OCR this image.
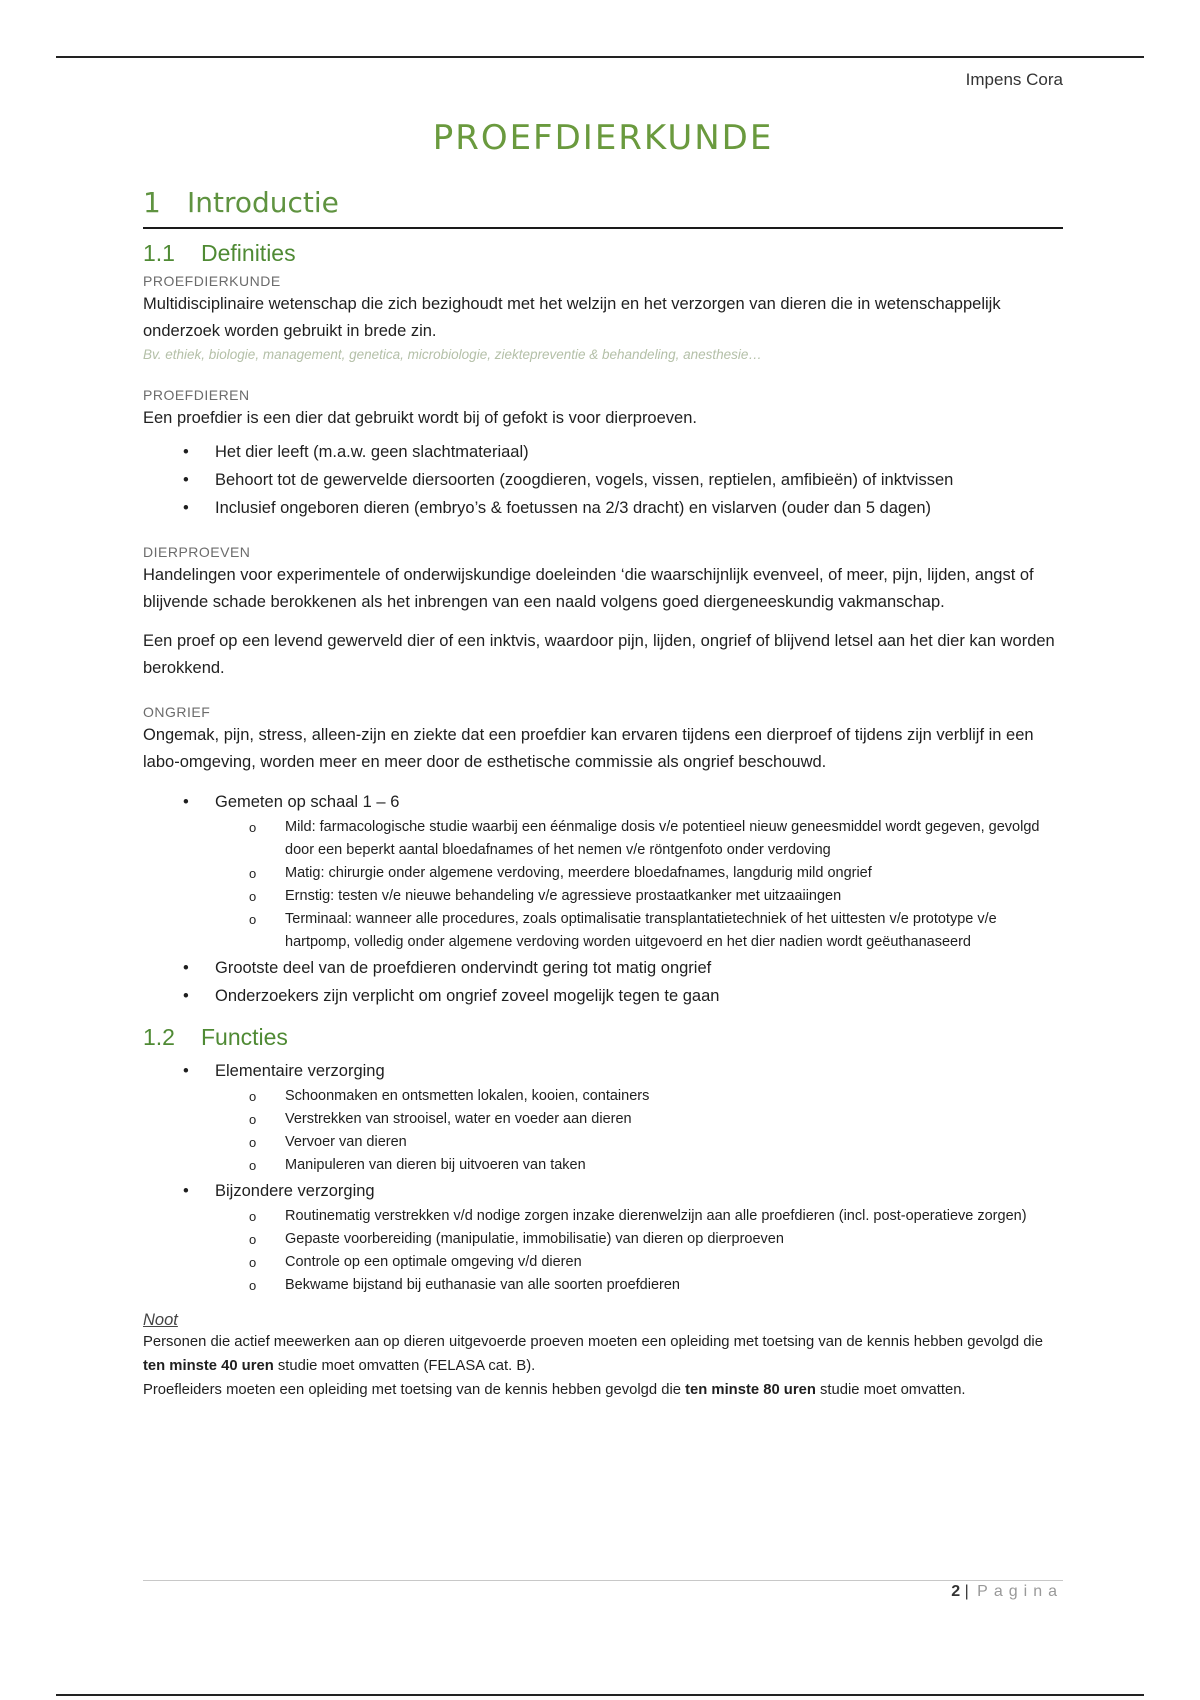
Impens Cora
PROEFDIERKUNDE
1 Introductie
1.1 Definities
PROEFDIERKUNDE

Multidisciplinaire wetenschap die zich bezighoudt met het welzijn en het verzorgen van dieren die in wetenschappelijk onderzoek worden gebruikt in brede zin.

Bv. ethiek, biologie, management, genetica, microbiologie, ziektepreventie & behandeling, anesthesie…
PROEFDIEREN

Een proefdier is een dier dat gebruikt wordt bij of gefokt is voor dierproeven.

• Het dier leeft (m.a.w. geen slachtmateriaal)
• Behoort tot de gewervelde diersoorten (zoogdieren, vogels, vissen, reptielen, amfibieën) of inktvissen
• Inclusief ongeboren dieren (embryo’s & foetussen na 2/3 dracht) en vislarven (ouder dan 5 dagen)
DIERPROEVEN

Handelingen voor experimentele of onderwijskundige doeleinden ‘die waarschijnlijk evenveel, of meer, pijn, lijden, angst of blijvende schade berokkenen als het inbrengen van een naald volgens goed diergeneeskundig vakmanschap.

Een proef op een levend gewerveld dier of een inktvis, waardoor pijn, lijden, ongrief of blijvend letsel aan het dier kan worden berokkend.

ONGRIEF

Ongemak, pijn, stress, alleen-zijn en ziekte dat een proefdier kan ervaren tijdens een dierproef of tijdens zijn verblijf in een labo-omgeving, worden meer en meer door de esthetische commissie als ongrief beschouwd.

• Gemeten op schaal 1 – 6
o Mild: farmacologische studie waarbij een éénmalige dosis v/e potentieel nieuw geneesmiddel wordt gegeven, gevolgd door een beperkt aantal bloedafnames of het nemen v/e röntgenfoto onder verdoving
o Matig: chirurgie onder algemene verdoving, meerdere bloedafnames, langdurig mild ongrief
o Ernstig: testen v/e nieuwe behandeling v/e agressieve prostaatkanker met uitzaaiingen
o Terminaal: wanneer alle procedures, zoals optimalisatie transplantatietechniek of het uittesten v/e prototype v/e hartpomp, volledig onder algemene verdoving worden uitgevoerd en het dier nadien wordt geëuthanaseerd
• Grootste deel van de proefdieren ondervindt gering tot matig ongrief
• Onderzoekers zijn verplicht om ongrief zoveel mogelijk tegen te gaan
1.2 Functies
• Elementaire verzorging
o Schoonmaken en ontsmetten lokalen, kooien, containers
o Verstrekken van strooisel, water en voeder aan dieren
o Vervoer van dieren
o Manipuleren van dieren bij uitvoeren van taken
• Bijzondere verzorging
o Routinematig verstrekken v/d nodige zorgen inzake dierenwelzijn aan alle proefdieren (incl. post-operatieve zorgen)
o Gepaste voorbereiding (manipulatie, immobilisatie) van dieren op dierproeven
o Controle op een optimale omgeving v/d dieren
o Bekwame bijstand bij euthanasie van alle soorten proefdieren
Noot

Personen die actief meewerken aan op dieren uitgevoerde proeven moeten een opleiding met toetsing van de kennis hebben gevolgd die ten minste 40 uren studie moet omvatten (FELASA cat. B).

Proefleiders moeten een opleiding met toetsing van de kennis hebben gevolgd die ten minste 80 uren studie moet omvatten.

2 | Pagina
